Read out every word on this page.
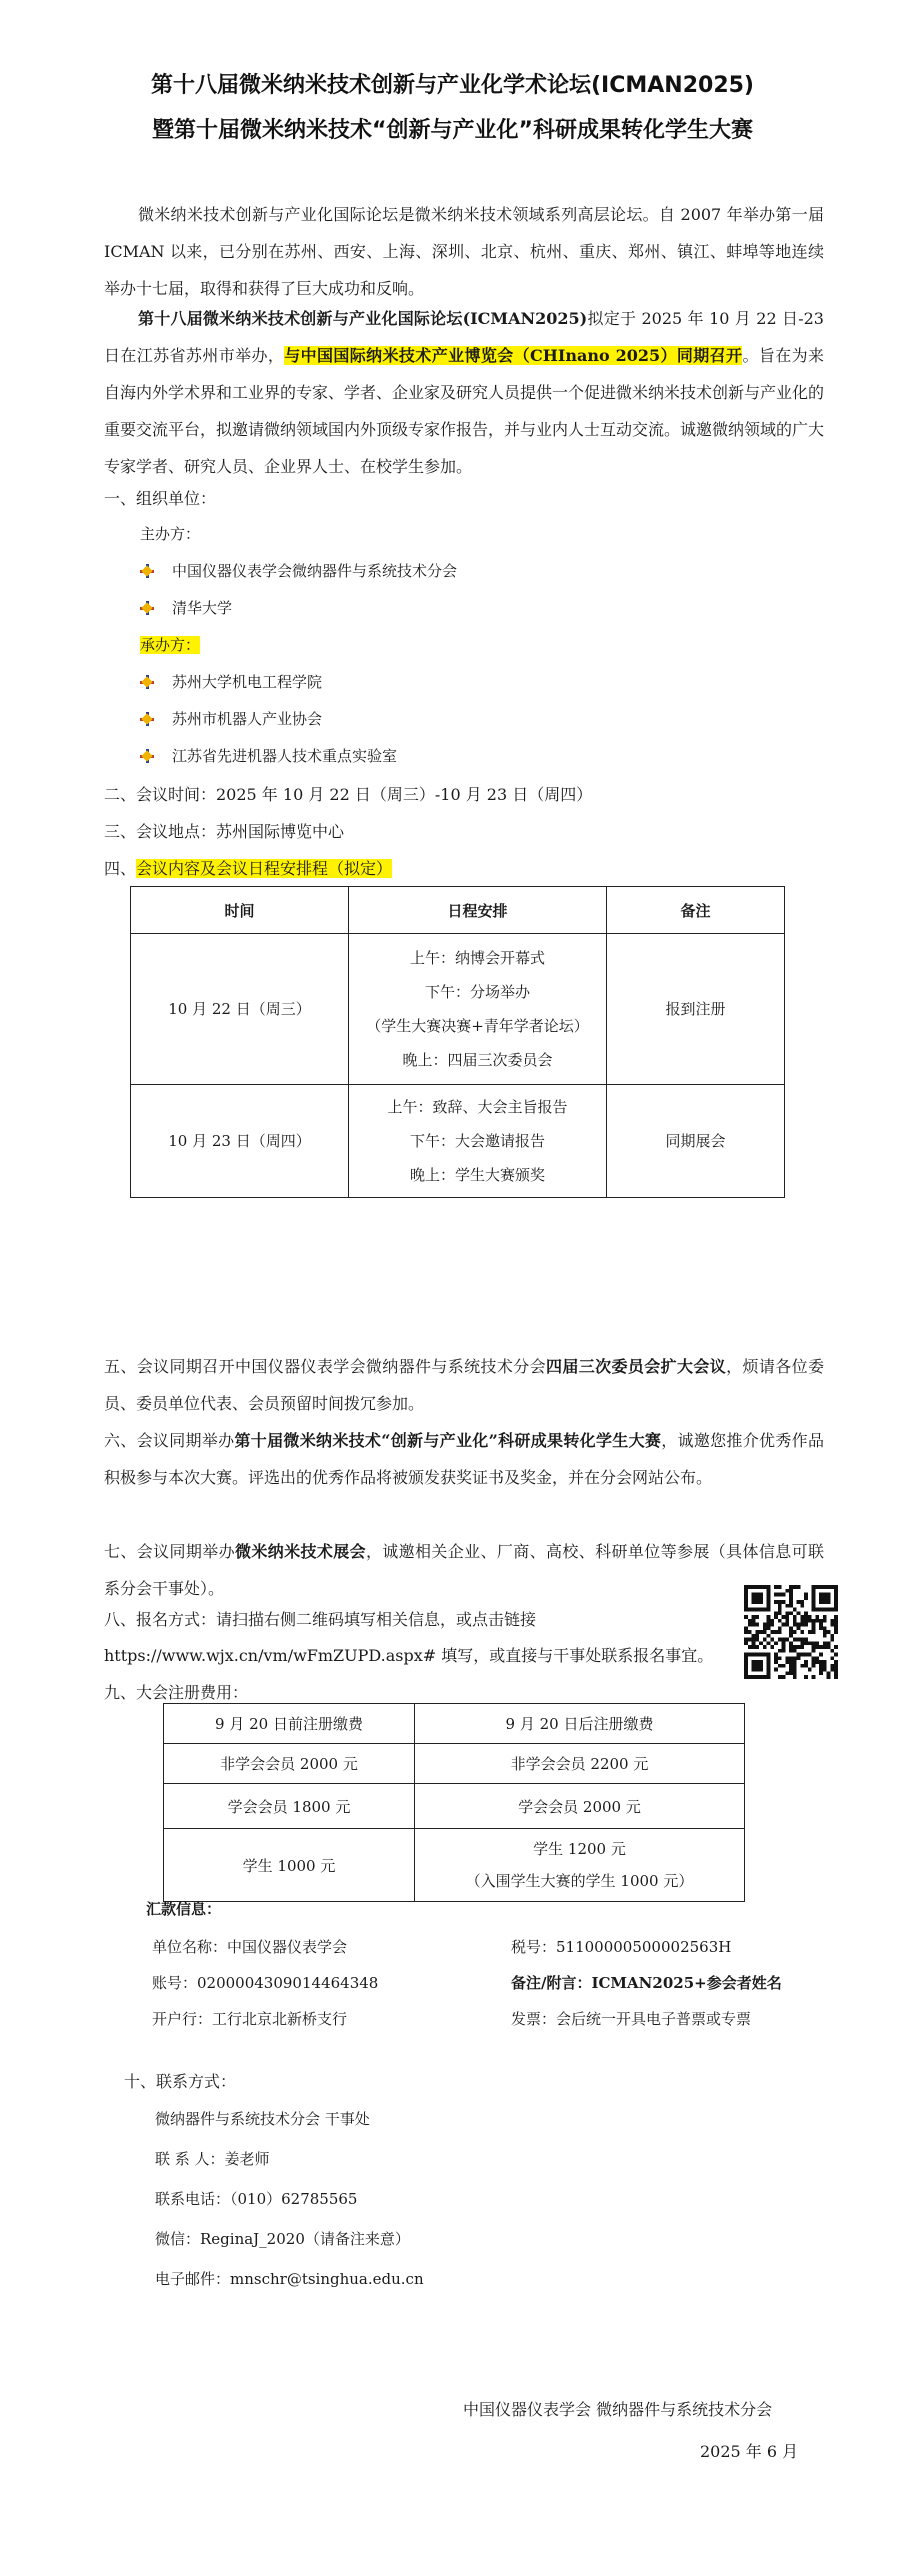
第十八届微米纳米技术创新与产业化学术论坛(ICMAN2025)
暨第十届微米纳米技术“创新与产业化”科研成果转化学生大赛
微米纳米技术创新与产业化国际论坛是微米纳米技术领域系列高层论坛。自 2007 年举办第一届 ICMAN 以来，已分别在苏州、西安、上海、深圳、北京、杭州、重庆、郑州、镇江、蚌埠等地连续举办十七届，取得和获得了巨大成功和反响。
第十八届微米纳米技术创新与产业化国际论坛(ICMAN2025)拟定于 2025 年 10 月 22 日-23 日在江苏省苏州市举办，与中国国际纳米技术产业博览会（CHInano 2025）同期召开。旨在为来自海内外学术界和工业界的专家、学者、企业家及研究人员提供一个促进微米纳米技术创新与产业化的重要交流平台，拟邀请微纳领域国内外顶级专家作报告，并与业内人士互动交流。诚邀微纳领域的广大专家学者、研究人员、企业界人士、在校学生参加。
一、组织单位：
主办方：
中国仪器仪表学会微纳器件与系统技术分会
清华大学
承办方：
苏州大学机电工程学院
苏州市机器人产业协会
江苏省先进机器人技术重点实验室
二、会议时间：2025 年 10 月 22 日（周三）-10 月 23 日（周四）
三、会议地点：苏州国际博览中心
四、会议内容及会议日程安排程（拟定）
时间	日程安排	备注
10 月 22 日（周三）	上午：纳博会开幕式
下午：分场举办
（学生大赛决赛+青年学者论坛）
晚上：四届三次委员会	报到注册
10 月 23 日（周四）	上午：致辞、大会主旨报告
下午：大会邀请报告
晚上：学生大赛颁奖	同期展会
五、会议同期召开中国仪器仪表学会微纳器件与系统技术分会四届三次委员会扩大会议，烦请各位委员、委员单位代表、会员预留时间拨冗参加。
六、会议同期举办第十届微米纳米技术“创新与产业化”科研成果转化学生大赛，诚邀您推介优秀作品积极参与本次大赛。评选出的优秀作品将被颁发获奖证书及奖金，并在分会网站公布。
七、会议同期举办微米纳米技术展会，诚邀相关企业、厂商、高校、科研单位等参展（具体信息可联系分会干事处）。
八、报名方式：请扫描右侧二维码填写相关信息，或点击链接
https://www.wjx.cn/vm/wFmZUPD.aspx# 填写，或直接与干事处联系报名事宜。
九、大会注册费用：
9 月 20 日前注册缴费	9 月 20 日后注册缴费
非学会会员 2000 元	非学会会员 2200 元
学会会员 1800 元	学会会员 2000 元
学生 1000 元	学生 1200 元
（入围学生大赛的学生 1000 元）
汇款信息：
单位名称：中国仪器仪表学会	税号：51100000500002563H
账号：0200004309014464348	备注/附言：ICMAN2025+参会者姓名
开户行：工行北京北新桥支行	发票：会后统一开具电子普票或专票
十、联系方式：
微纳器件与系统技术分会 干事处
联 系 人：姜老师
联系电话：（010）62785565
微信：ReginaJ_2020（请备注来意）
电子邮件：mnschr@tsinghua.edu.cn
中国仪器仪表学会 微纳器件与系统技术分会
2025 年 6 月
